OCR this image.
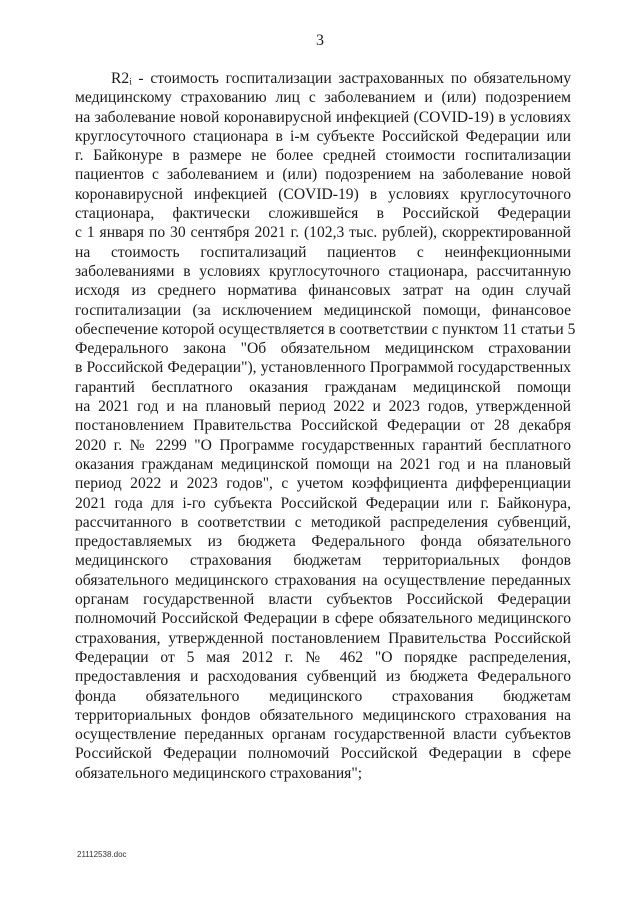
3
R2ᵢ - стоимость госпитализации застрахованных по обязательному
медицинскому страхованию лиц с заболеванием и (или) подозрением
на заболевание новой коронавирусной инфекцией (COVID-19) в условиях
круглосуточного стационара в i-м субъекте Российской Федерации или
г. Байконуре в размере не более средней стоимости госпитализации
пациентов с заболеванием и (или) подозрением на заболевание новой
коронавирусной инфекцией (COVID-19) в условиях круглосуточного
стационара, фактически сложившейся в Российской Федерации
с 1 января по 30 сентября 2021 г. (102,3 тыс. рублей), скорректированной
на стоимость госпитализаций пациентов с неинфекционными
заболеваниями в условиях круглосуточного стационара, рассчитанную
исходя из среднего норматива финансовых затрат на один случай
госпитализации (за исключением медицинской помощи, финансовое
обеспечение которой осуществляется в соответствии с пунктом 11 статьи 5
Федерального закона "Об обязательном медицинском страховании
в Российской Федерации"), установленного Программой государственных
гарантий бесплатного оказания гражданам медицинской помощи
на 2021 год и на плановый период 2022 и 2023 годов, утвержденной
постановлением Правительства Российской Федерации от 28 декабря
2020 г. № 2299 "О Программе государственных гарантий бесплатного
оказания гражданам медицинской помощи на 2021 год и на плановый
период 2022 и 2023 годов", с учетом коэффициента дифференциации
2021 года для i-го субъекта Российской Федерации или г. Байконура,
рассчитанного в соответствии с методикой распределения субвенций,
предоставляемых из бюджета Федерального фонда обязательного
медицинского страхования бюджетам территориальных фондов
обязательного медицинского страхования на осуществление переданных
органам государственной власти субъектов Российской Федерации
полномочий Российской Федерации в сфере обязательного медицинского
страхования, утвержденной постановлением Правительства Российской
Федерации от 5 мая 2012 г. № 462 "О порядке распределения,
предоставления и расходования субвенций из бюджета Федерального
фонда обязательного медицинского страхования бюджетам
территориальных фондов обязательного медицинского страхования на
осуществление переданных органам государственной власти субъектов
Российской Федерации полномочий Российской Федерации в сфере
обязательного медицинского страхования";
21112538.doc
